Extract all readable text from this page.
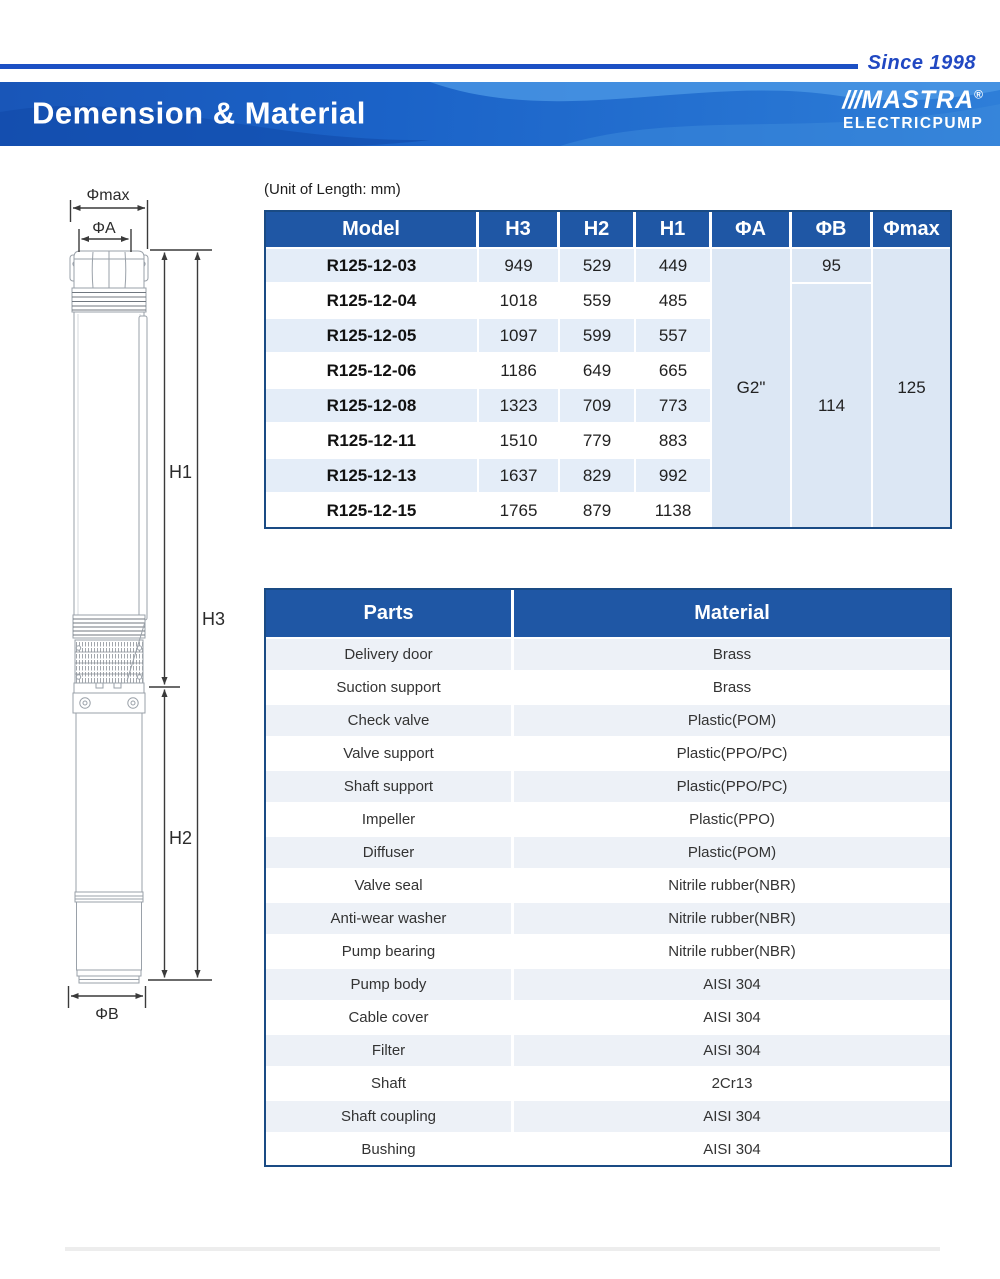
Since 1998
Demension & Material	///MASTRA®
ELECTRICPUMP
(Unit of Length: mm)
Φmax
ΦA
H1
H3
H2
ΦB
Model	H3	H2	H1	ΦA	ΦB	Φmax
R125-12-03	949	529	449	G2"	95	125
R125-12-04	1018	559	485		114	
R125-12-05	1097	599	557			
R125-12-06	1186	649	665			
R125-12-08	1323	709	773			
R125-12-11	1510	779	883			
R125-12-13	1637	829	992			
R125-12-15	1765	879	1138			
Parts	Material
Delivery door	Brass
Suction support	Brass
Check valve	Plastic(POM)
Valve support	Plastic(PPO/PC)
Shaft support	Plastic(PPO/PC)
Impeller	Plastic(PPO)
Diffuser	Plastic(POM)
Valve seal	Nitrile rubber(NBR)
Anti-wear washer	Nitrile rubber(NBR)
Pump bearing	Nitrile rubber(NBR)
Pump body	AISI 304
Cable cover	AISI 304
Filter	AISI 304
Shaft	2Cr13
Shaft coupling	AISI 304
Bushing	AISI 304
